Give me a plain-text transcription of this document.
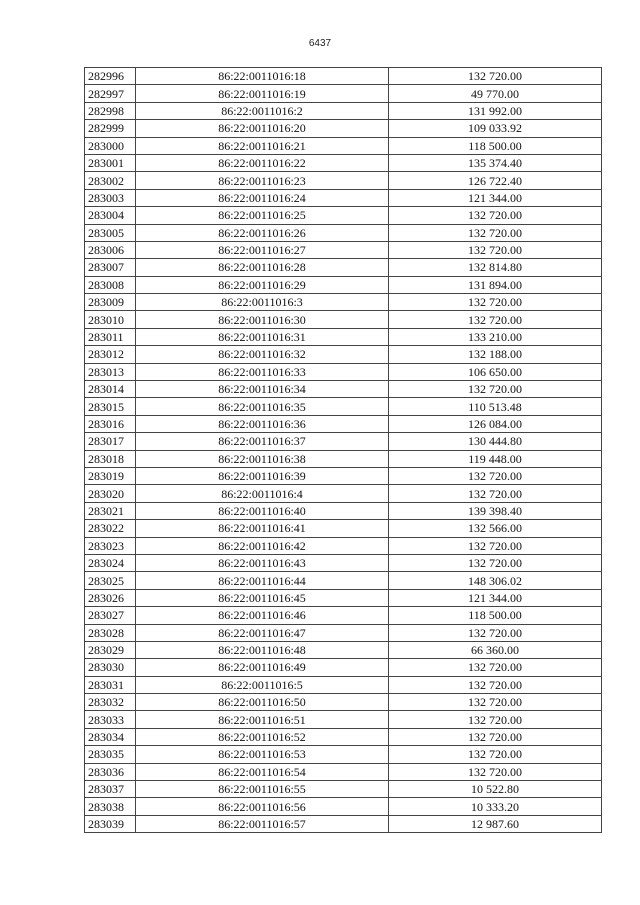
6437
282996	86:22:0011016:18	132 720.00
282997	86:22:0011016:19	49 770.00
282998	86:22:0011016:2	131 992.00
282999	86:22:0011016:20	109 033.92
283000	86:22:0011016:21	118 500.00
283001	86:22:0011016:22	135 374.40
283002	86:22:0011016:23	126 722.40
283003	86:22:0011016:24	121 344.00
283004	86:22:0011016:25	132 720.00
283005	86:22:0011016:26	132 720.00
283006	86:22:0011016:27	132 720.00
283007	86:22:0011016:28	132 814.80
283008	86:22:0011016:29	131 894.00
283009	86:22:0011016:3	132 720.00
283010	86:22:0011016:30	132 720.00
283011	86:22:0011016:31	133 210.00
283012	86:22:0011016:32	132 188.00
283013	86:22:0011016:33	106 650.00
283014	86:22:0011016:34	132 720.00
283015	86:22:0011016:35	110 513.48
283016	86:22:0011016:36	126 084.00
283017	86:22:0011016:37	130 444.80
283018	86:22:0011016:38	119 448.00
283019	86:22:0011016:39	132 720.00
283020	86:22:0011016:4	132 720.00
283021	86:22:0011016:40	139 398.40
283022	86:22:0011016:41	132 566.00
283023	86:22:0011016:42	132 720.00
283024	86:22:0011016:43	132 720.00
283025	86:22:0011016:44	148 306.02
283026	86:22:0011016:45	121 344.00
283027	86:22:0011016:46	118 500.00
283028	86:22:0011016:47	132 720.00
283029	86:22:0011016:48	66 360.00
283030	86:22:0011016:49	132 720.00
283031	86:22:0011016:5	132 720.00
283032	86:22:0011016:50	132 720.00
283033	86:22:0011016:51	132 720.00
283034	86:22:0011016:52	132 720.00
283035	86:22:0011016:53	132 720.00
283036	86:22:0011016:54	132 720.00
283037	86:22:0011016:55	10 522.80
283038	86:22:0011016:56	10 333.20
283039	86:22:0011016:57	12 987.60
